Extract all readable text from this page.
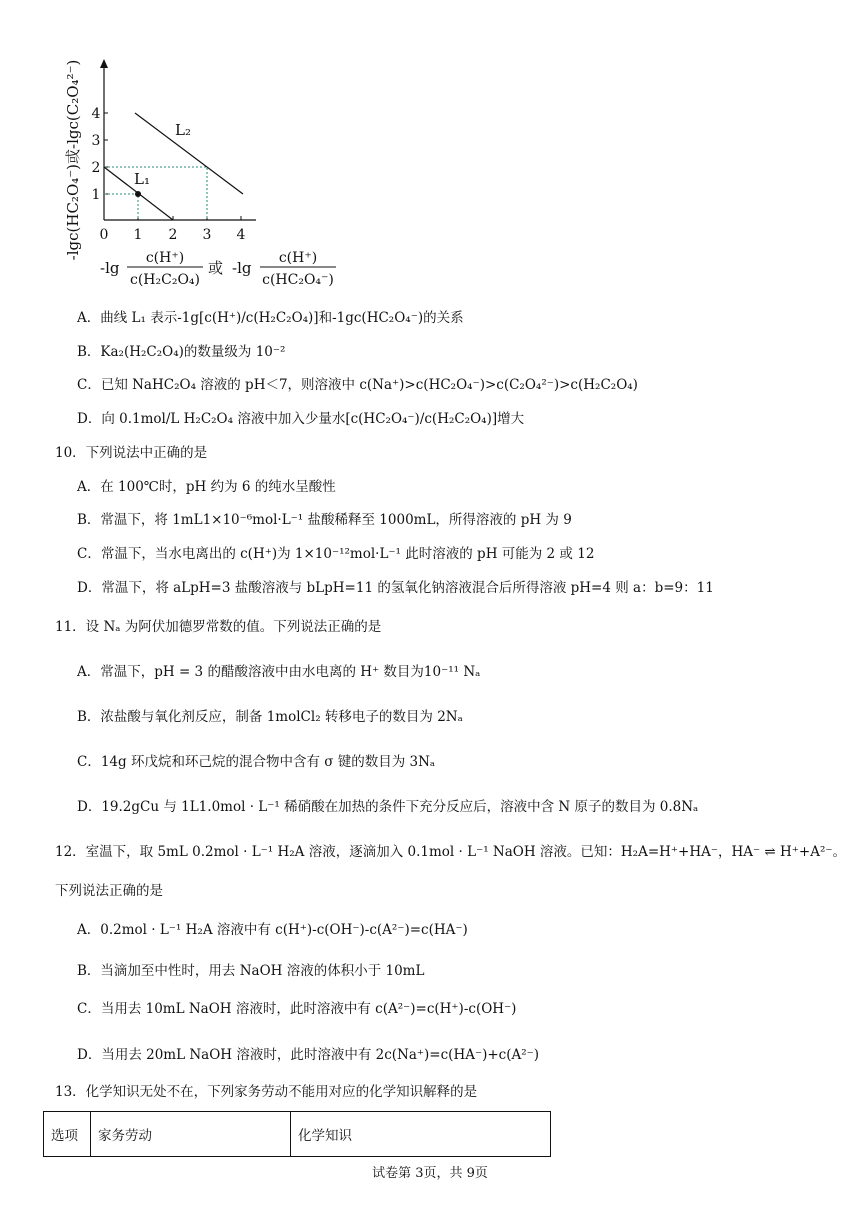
-lgc(HC₂O₄⁻)或-lgc(C₂O₄²⁻) 1
2
3
4
0 1 2 3 4
L₂
L₁
-lg
c(H⁺)
c(H₂C₂O₄)
或 -lg
c(H⁺)
c(HC₂O₄⁻)
A．曲线 L₁ 表示-1g[c(H⁺)/c(H₂C₂O₄)]和-1gc(HC₂O₄⁻)的关系
B．Ka₂(H₂C₂O₄)的数量级为 10⁻²
C．已知 NaHC₂O₄ 溶液的 pH＜7，则溶液中 c(Na⁺)>c(HC₂O₄⁻)>c(C₂O₄²⁻)>c(H₂C₂O₄)
D．向 0.1mol/L H₂C₂O₄ 溶液中加入少量水[c(HC₂O₄⁻)/c(H₂C₂O₄)]增大
10．下列说法中正确的是
A．在 100℃时，pH 约为 6 的纯水呈酸性
B．常温下，将 1mL1×10⁻⁶mol·L⁻¹ 盐酸稀释至 1000mL，所得溶液的 pH 为 9
C．常温下，当水电离出的 c(H⁺)为 1×10⁻¹²mol·L⁻¹ 此时溶液的 pH 可能为 2 或 12
D．常温下，将 aLpH=3 盐酸溶液与 bLpH=11 的氢氧化钠溶液混合后所得溶液 pH=4 则 a：b=9：11
11．设 Nₐ 为阿伏加德罗常数的值。下列说法正确的是
A．常温下，pH = 3 的醋酸溶液中由水电离的 H⁺ 数目为10⁻¹¹ Nₐ
B．浓盐酸与氧化剂反应，制备 1molCl₂ 转移电子的数目为 2Nₐ
C．14g 环戊烷和环己烷的混合物中含有 σ 键的数目为 3Nₐ
D．19.2gCu 与 1L1.0mol · L⁻¹ 稀硝酸在加热的条件下充分反应后，溶液中含 N 原子的数目为 0.8Nₐ
12．室温下，取 5mL 0.2mol · L⁻¹ H₂A 溶液，逐滴加入 0.1mol · L⁻¹ NaOH 溶液。已知：H₂A=H⁺+HA⁻，HA⁻ ⇌ H⁺+A²⁻。
下列说法正确的是
A．0.2mol · L⁻¹ H₂A 溶液中有 c(H⁺)-c(OH⁻)-c(A²⁻)=c(HA⁻)
B．当滴加至中性时，用去 NaOH 溶液的体积小于 10mL
C．当用去 10mL NaOH 溶液时，此时溶液中有 c(A²⁻)=c(H⁺)-c(OH⁻)
D．当用去 20mL NaOH 溶液时，此时溶液中有 2c(Na⁺)=c(HA⁻)+c(A²⁻)
13．化学知识无处不在，下列家务劳动不能用对应的化学知识解释的是
选项	家务劳动	化学知识
试卷第 3页，共 9页
